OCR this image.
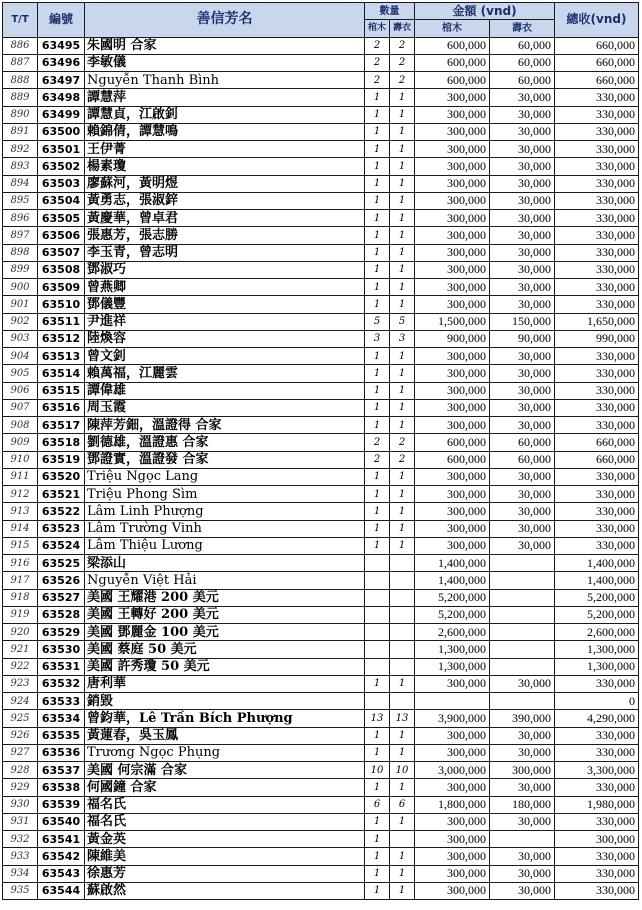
T/T	編號	善信芳名	數量		金額 (vnd)		總收(vnd)
			棺木	壽衣	棺木	壽衣	
886	63495	朱國明 合家	2	2	600,000	60,000	660,000
887	63496	李敏儀	2	2	600,000	60,000	660,000
888	63497	Nguyễn Thanh Bình	2	2	600,000	60,000	660,000
889	63498	譚慧萍	1	1	300,000	30,000	330,000
890	63499	譚慧貞，江啟釗	1	1	300,000	30,000	330,000
891	63500	賴錦倩，譚慧鳴	1	1	300,000	30,000	330,000
892	63501	王伊菁	1	1	300,000	30,000	330,000
893	63502	楊素瓊	1	1	300,000	30,000	330,000
894	63503	廖蘇河，黃明煜	1	1	300,000	30,000	330,000
895	63504	黃勇志，張淑鋅	1	1	300,000	30,000	330,000
896	63505	黃慶華，曾卓君	1	1	300,000	30,000	330,000
897	63506	張惠芳，張志勝	1	1	300,000	30,000	330,000
898	63507	李玉青，曾志明	1	1	300,000	30,000	330,000
899	63508	鄧淑巧	1	1	300,000	30,000	330,000
900	63509	曾燕卿	1	1	300,000	30,000	330,000
901	63510	鄧儀豐	1	1	300,000	30,000	330,000
902	63511	尹進祥	5	5	1,500,000	150,000	1,650,000
903	63512	陸煥容	3	3	900,000	90,000	990,000
904	63513	曾文釗	1	1	300,000	30,000	330,000
905	63514	賴萬福，江麗雲	1	1	300,000	30,000	330,000
906	63515	譚偉雄	1	1	300,000	30,000	330,000
907	63516	周玉霞	1	1	300,000	30,000	330,000
908	63517	陳萍芳鈿，溫證得 合家	1	1	300,000	30,000	330,000
909	63518	劉德雄，溫證惠 合家	2	2	600,000	60,000	660,000
910	63519	鄧證實，溫證發 合家	2	2	600,000	60,000	660,000
911	63520	Triệu Ngọc Lang	1	1	300,000	30,000	330,000
912	63521	Triệu Phong Sìm	1	1	300,000	30,000	330,000
913	63522	Lâm Linh Phượng	1	1	300,000	30,000	330,000
914	63523	Lâm Trường Vinh	1	1	300,000	30,000	330,000
915	63524	Lâm Thiệu Lương	1	1	300,000	30,000	330,000
916	63525	梁添山			1,400,000		1,400,000
917	63526	Nguyễn Việt Hải			1,400,000		1,400,000
918	63527	美國 王耀港 200 美元			5,200,000		5,200,000
919	63528	美國 王轉好 200 美元			5,200,000		5,200,000
920	63529	美國 鄧麗金 100 美元			2,600,000		2,600,000
921	63530	美國 蔡庭 50 美元			1,300,000		1,300,000
922	63531	美國 許秀瓊 50 美元			1,300,000		1,300,000
923	63532	唐利華	1	1	300,000	30,000	330,000
924	63533	銷毀					0
925	63534	曾鈞華，Lê Trần Bích Phượng	13	13	3,900,000	390,000	4,290,000
926	63535	黃蓮春，吳玉鳳	1	1	300,000	30,000	330,000
927	63536	Trương Ngọc Phụng	1	1	300,000	30,000	330,000
928	63537	美國 何宗滿 合家	10	10	3,000,000	300,000	3,300,000
929	63538	何國鐘 合家	1	1	300,000	30,000	330,000
930	63539	福名氏	6	6	1,800,000	180,000	1,980,000
931	63540	福名氏	1	1	300,000	30,000	330,000
932	63541	黃金英	1		300,000		300,000
933	63542	陳維美	1	1	300,000	30,000	330,000
934	63543	徐惠芳	1	1	300,000	30,000	330,000
935	63544	蘇啟然	1	1	300,000	30,000	330,000
